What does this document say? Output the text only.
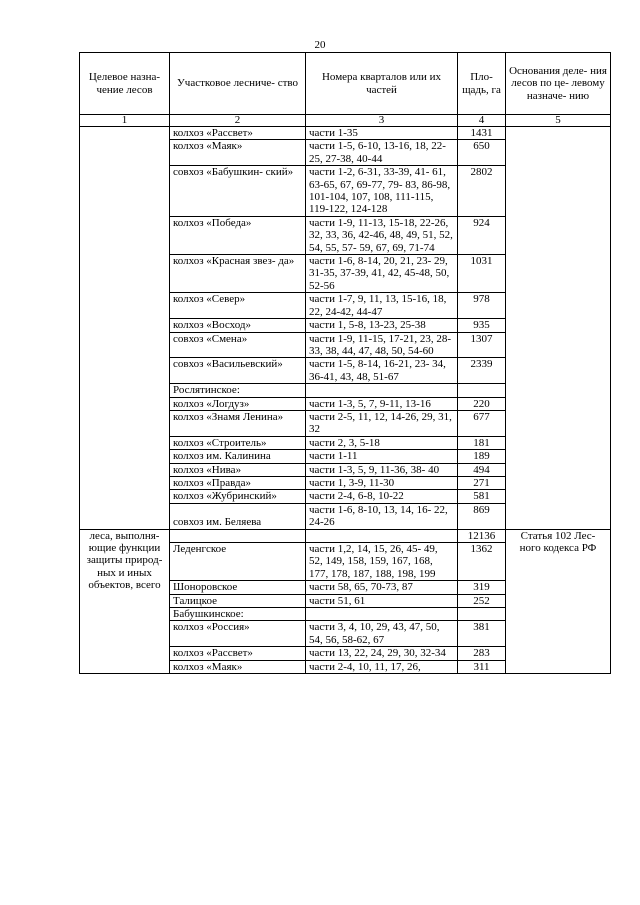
20
Целевое назна- чение лесов	Участковое лесниче- ство	Номера кварталов или их частей	Пло- щадь, га	Основания деле- ния лесов по це- левому назначе- нию
1	2	3	4	5
	колхоз «Рассвет»	части 1-35	1431	
	колхоз «Маяк»	части 1-5, 6-10, 13-16, 18, 22-25, 27-38, 40-44	650	
	совхоз «Бабушкин- ский»	части 1-2, 6-31, 33-39, 41- 61, 63-65, 67, 69-77, 79- 83, 86-98, 101-104, 107, 108, 111-115, 119-122, 124-128	2802	
	колхоз «Победа»	части 1-9, 11-13, 15-18, 22-26, 32, 33, 36, 42-46, 48, 49, 51, 52, 54, 55, 57- 59, 67, 69, 71-74	924	
	колхоз «Красная звез- да»	части 1-6, 8-14, 20, 21, 23- 29, 31-35, 37-39, 41, 42, 45-48, 50, 52-56	1031	
	колхоз «Север»	части 1-7, 9, 11, 13, 15-16, 18, 22, 24-42, 44-47	978	
	колхоз «Восход»	части 1, 5-8, 13-23, 25-38	935	
	совхоз «Смена»	части 1-9, 11-15, 17-21, 23, 28-33, 38, 44, 47, 48, 50, 54-60	1307	
	совхоз «Васильевский»	части 1-5, 8-14, 16-21, 23- 34, 36-41, 43, 48, 51-67	2339	
	Рослятинское:			
	колхоз «Логдуз»	части 1-3, 5, 7, 9-11, 13-16	220	
	колхоз «Знамя Ленина»	части 2-5, 11, 12, 14-26, 29, 31, 32	677	
	колхоз «Строитель»	части 2, 3, 5-18	181	
	колхоз им. Калинина	части 1-11	189	
	колхоз «Нива»	части 1-3, 5, 9, 11-36, 38- 40	494	
	колхоз «Правда»	части 1, 3-9, 11-30	271	
	колхоз «Жубринский»	части 2-4, 6-8, 10-22	581	
	совхоз им. Беляева	части 1-6, 8-10, 13, 14, 16- 22, 24-26	869	
леса, выполня- ющие функции защиты природ- ных и иных объектов, всего			12136	Статья 102 Лес- ного кодекса РФ
	Леденгское	части 1,2, 14, 15, 26, 45- 49, 52, 149, 158, 159, 167, 168, 177, 178, 187, 188, 198, 199	1362	
	Шоноровское	части 58, 65, 70-73, 87	319	
	Талицкое	части 51, 61	252	
	Бабушкинское:			
	колхоз «Россия»	части 3, 4, 10, 29, 43, 47, 50, 54, 56, 58-62, 67	381	
	колхоз «Рассвет»	части 13, 22, 24, 29, 30, 32-34	283	
	колхоз «Маяк»	части 2-4, 10, 11, 17, 26,	311	
